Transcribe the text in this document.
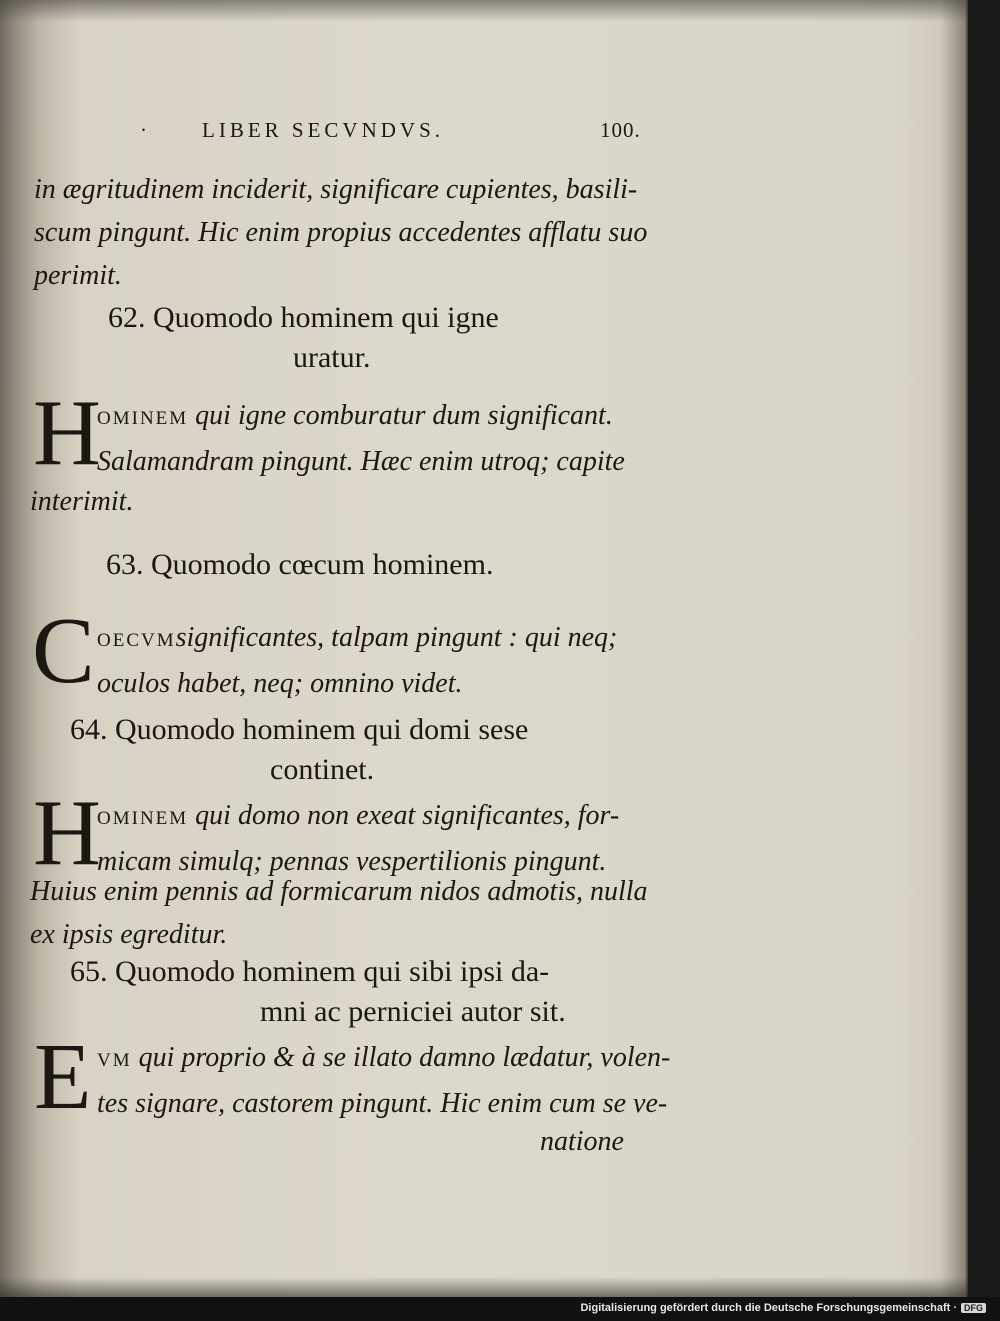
· LIBER SECVNDVS.	100.
in ægritudinem inciderit, significare cupientes, basili-
scum pingunt. Hic enim propius accedentes afflatu suo
perimit.
62. Quomodo hominem qui igne
uratur.
H
OMINEM qui igne comburatur dum significant.
Salamandram pingunt. Hæc enim utroq; capite
interimit.
63. Quomodo cœcum hominem.
C OECVMsignificantes, talpam pingunt : qui neq;
oculos habet, neq; omnino videt.
64. Quomodo hominem qui domi sese
continet.
H
OMINEM qui domo non exeat significantes, for-
micam simulq; pennas vespertilionis pingunt.
Huius enim pennis ad formicarum nidos admotis, nulla
ex ipsis egreditur.
65. Quomodo hominem qui sibi ipsi da-
mni ac perniciei autor sit.
E VM qui proprio & à se illato damno lædatur, volen-
tes signare, castorem pingunt. Hic enim cum se ve-
natione
Digitalisierung gefördert durch die Deutsche Forschungsgemeinschaft · DFG
